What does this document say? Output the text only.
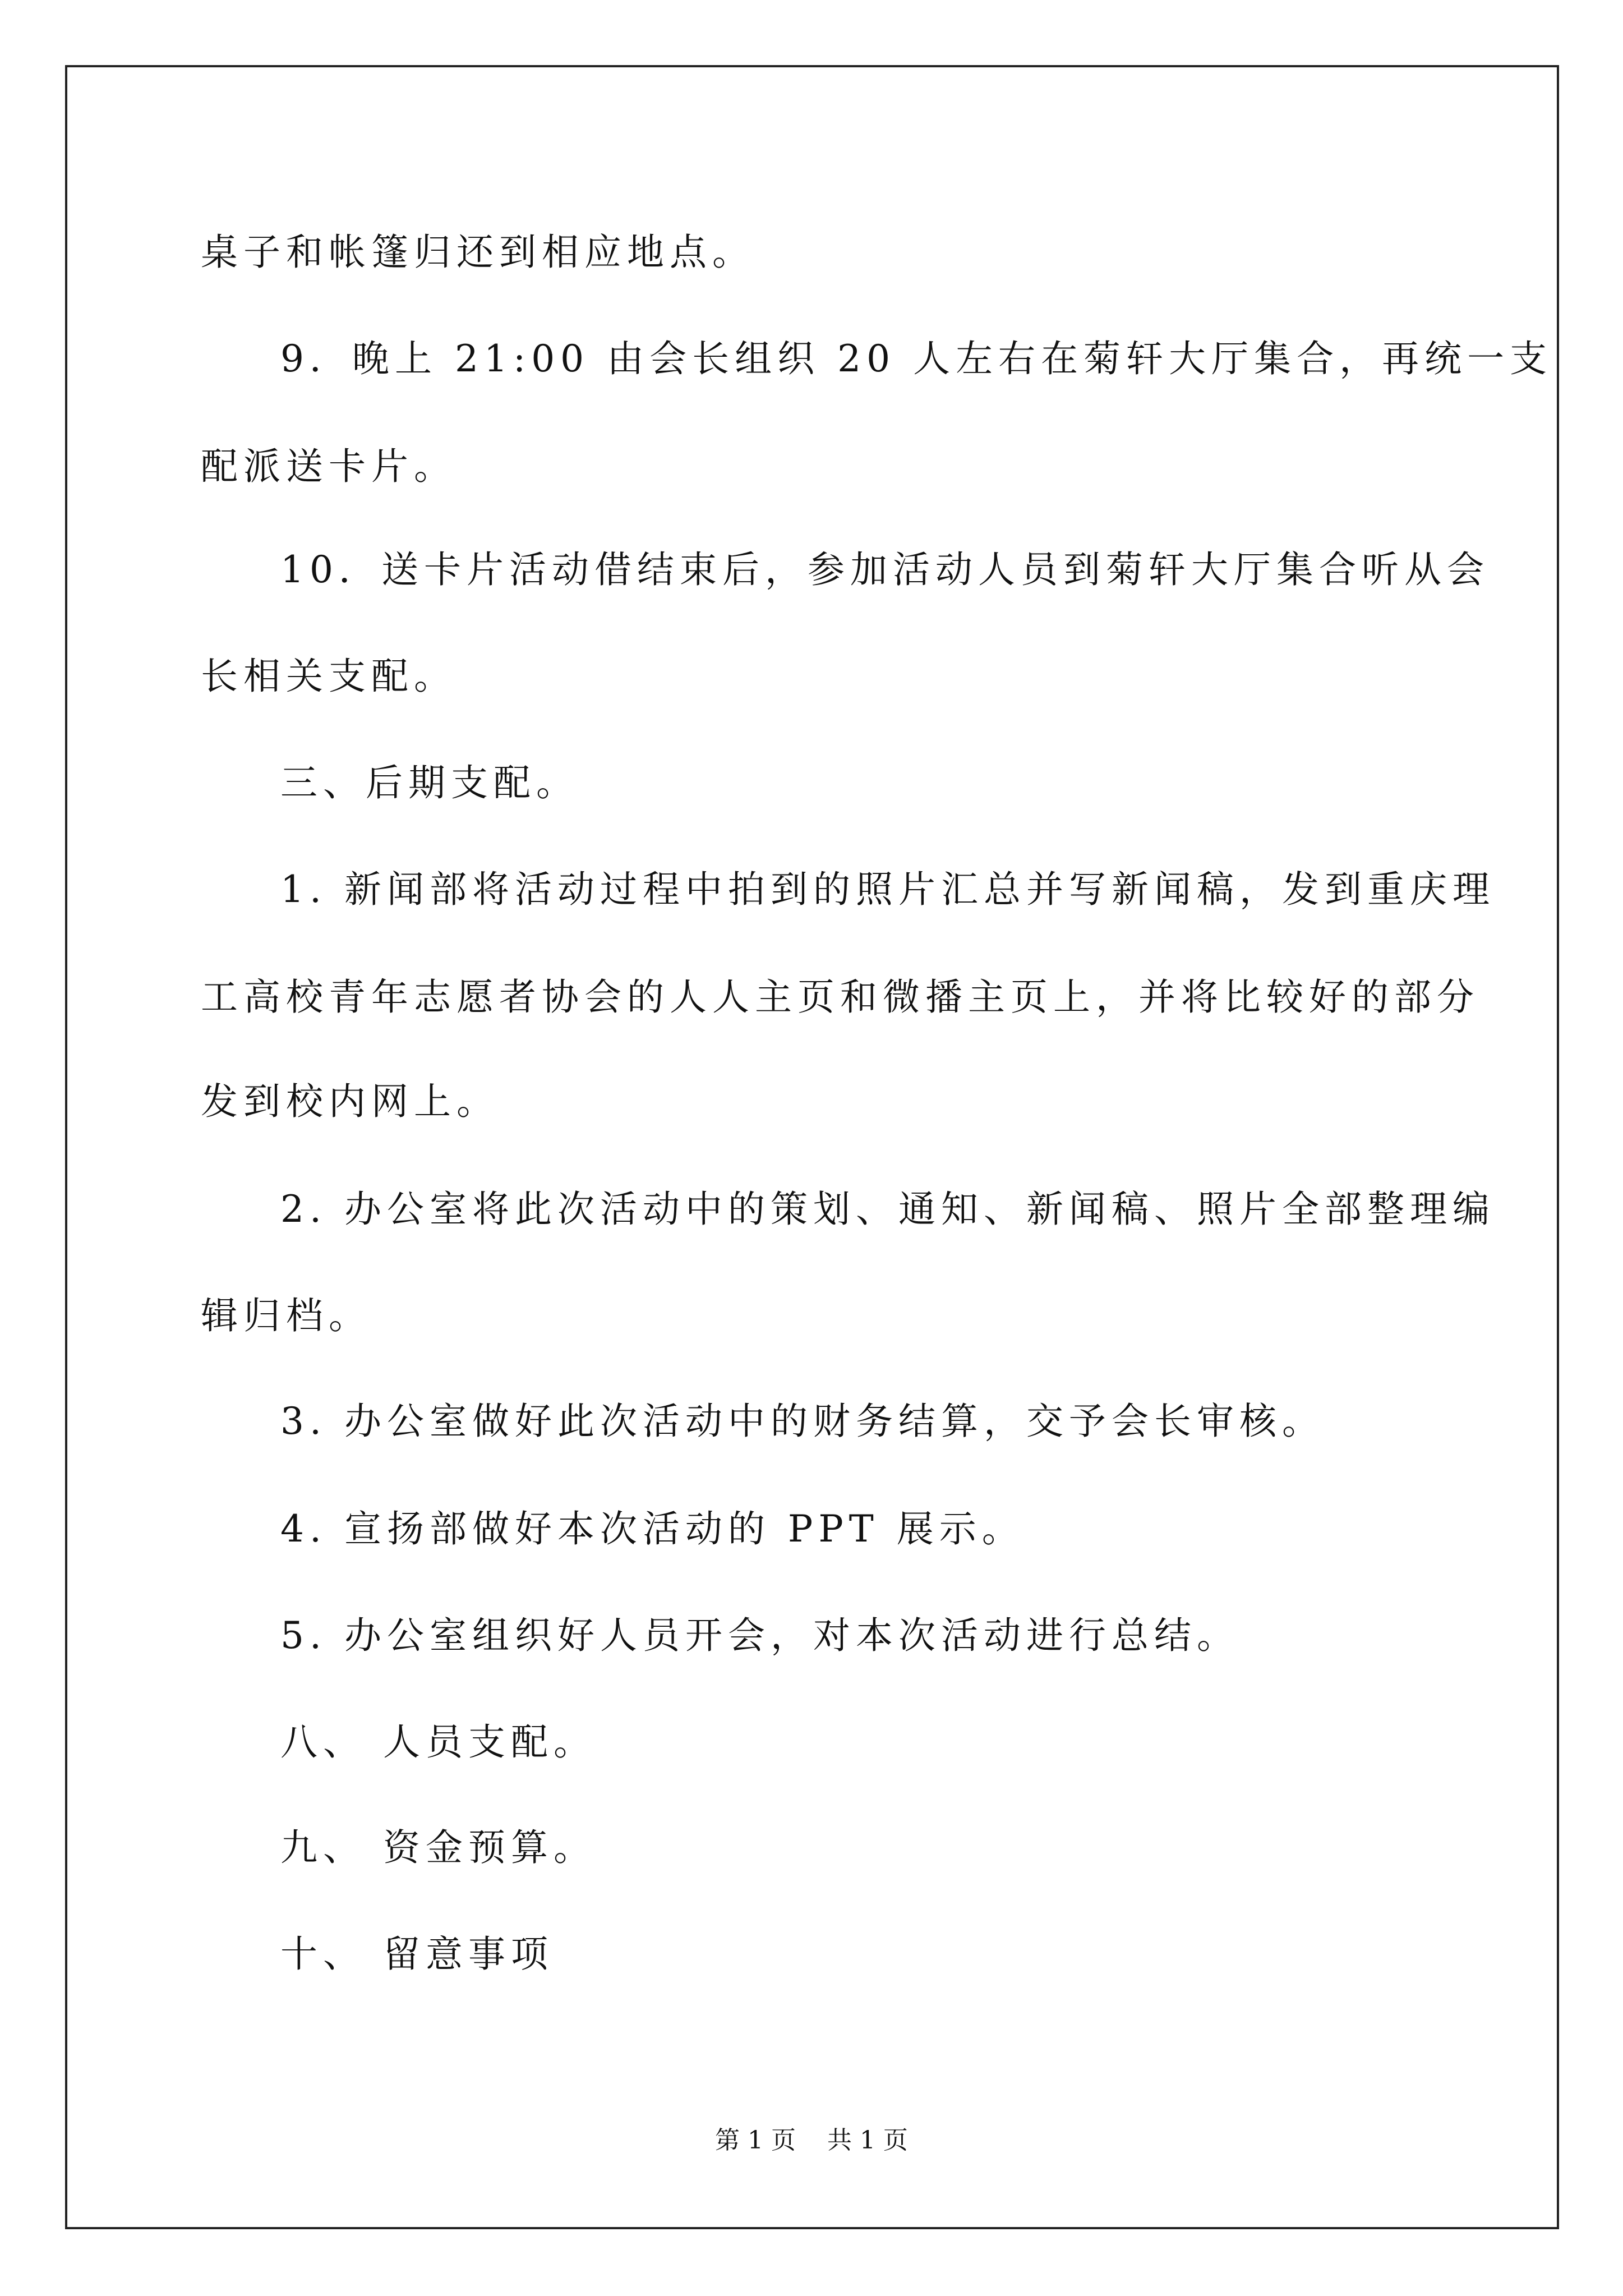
桌子和帐篷归还到相应地点。
9．晚上 21:00 由会长组织 20 人左右在菊轩大厅集合，再统一支
配派送卡片。
10．送卡片活动借结束后，参加活动人员到菊轩大厅集合听从会
长相关支配。
三、后期支配。
1. 新闻部将活动过程中拍到的照片汇总并写新闻稿，发到重庆理
工高校青年志愿者协会的人人主页和微播主页上，并将比较好的部分
发到校内网上。
2. 办公室将此次活动中的策划、通知、新闻稿、照片全部整理编
辑归档。
3. 办公室做好此次活动中的财务结算，交予会长审核。
4. 宣扬部做好本次活动的 PPT 展示。
5. 办公室组织好人员开会，对本次活动进行总结。
八、 人员支配。
九、 资金预算。
十、 留意事项
第 1 页    共 1 页
